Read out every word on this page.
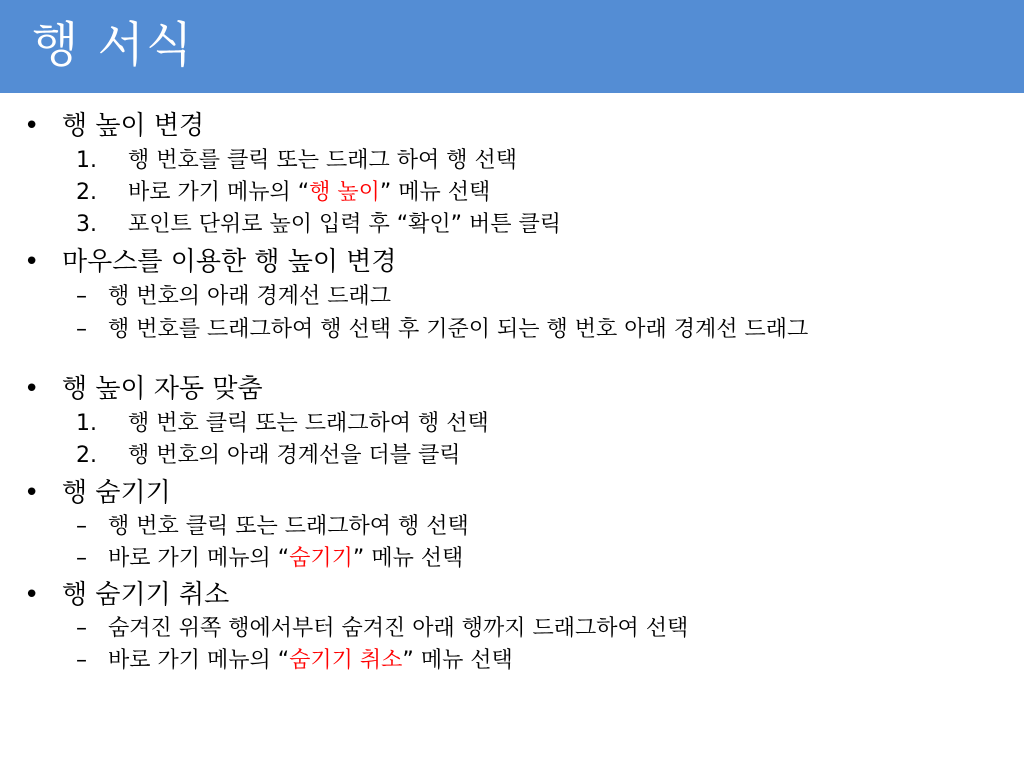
행 서식
• 행 높이 변경
1. 행 번호를 클릭 또는 드래그 하여 행 선택
2. 바로 가기 메뉴의 “행 높이” 메뉴 선택
3. 포인트 단위로 높이 입력 후 “확인” 버튼 클릭
• 마우스를 이용한 행 높이 변경
– 행 번호의 아래 경계선 드래그
– 행 번호를 드래그하여 행 선택 후 기준이 되는 행 번호 아래 경계선 드래그
• 행 높이 자동 맞춤
1. 행 번호 클릭 또는 드래그하여 행 선택
2. 행 번호의 아래 경계선을 더블 클릭
• 행 숨기기
– 행 번호 클릭 또는 드래그하여 행 선택
– 바로 가기 메뉴의 “숨기기” 메뉴 선택
• 행 숨기기 취소
– 숨겨진 위쪽 행에서부터 숨겨진 아래 행까지 드래그하여 선택
– 바로 가기 메뉴의 “숨기기 취소” 메뉴 선택
